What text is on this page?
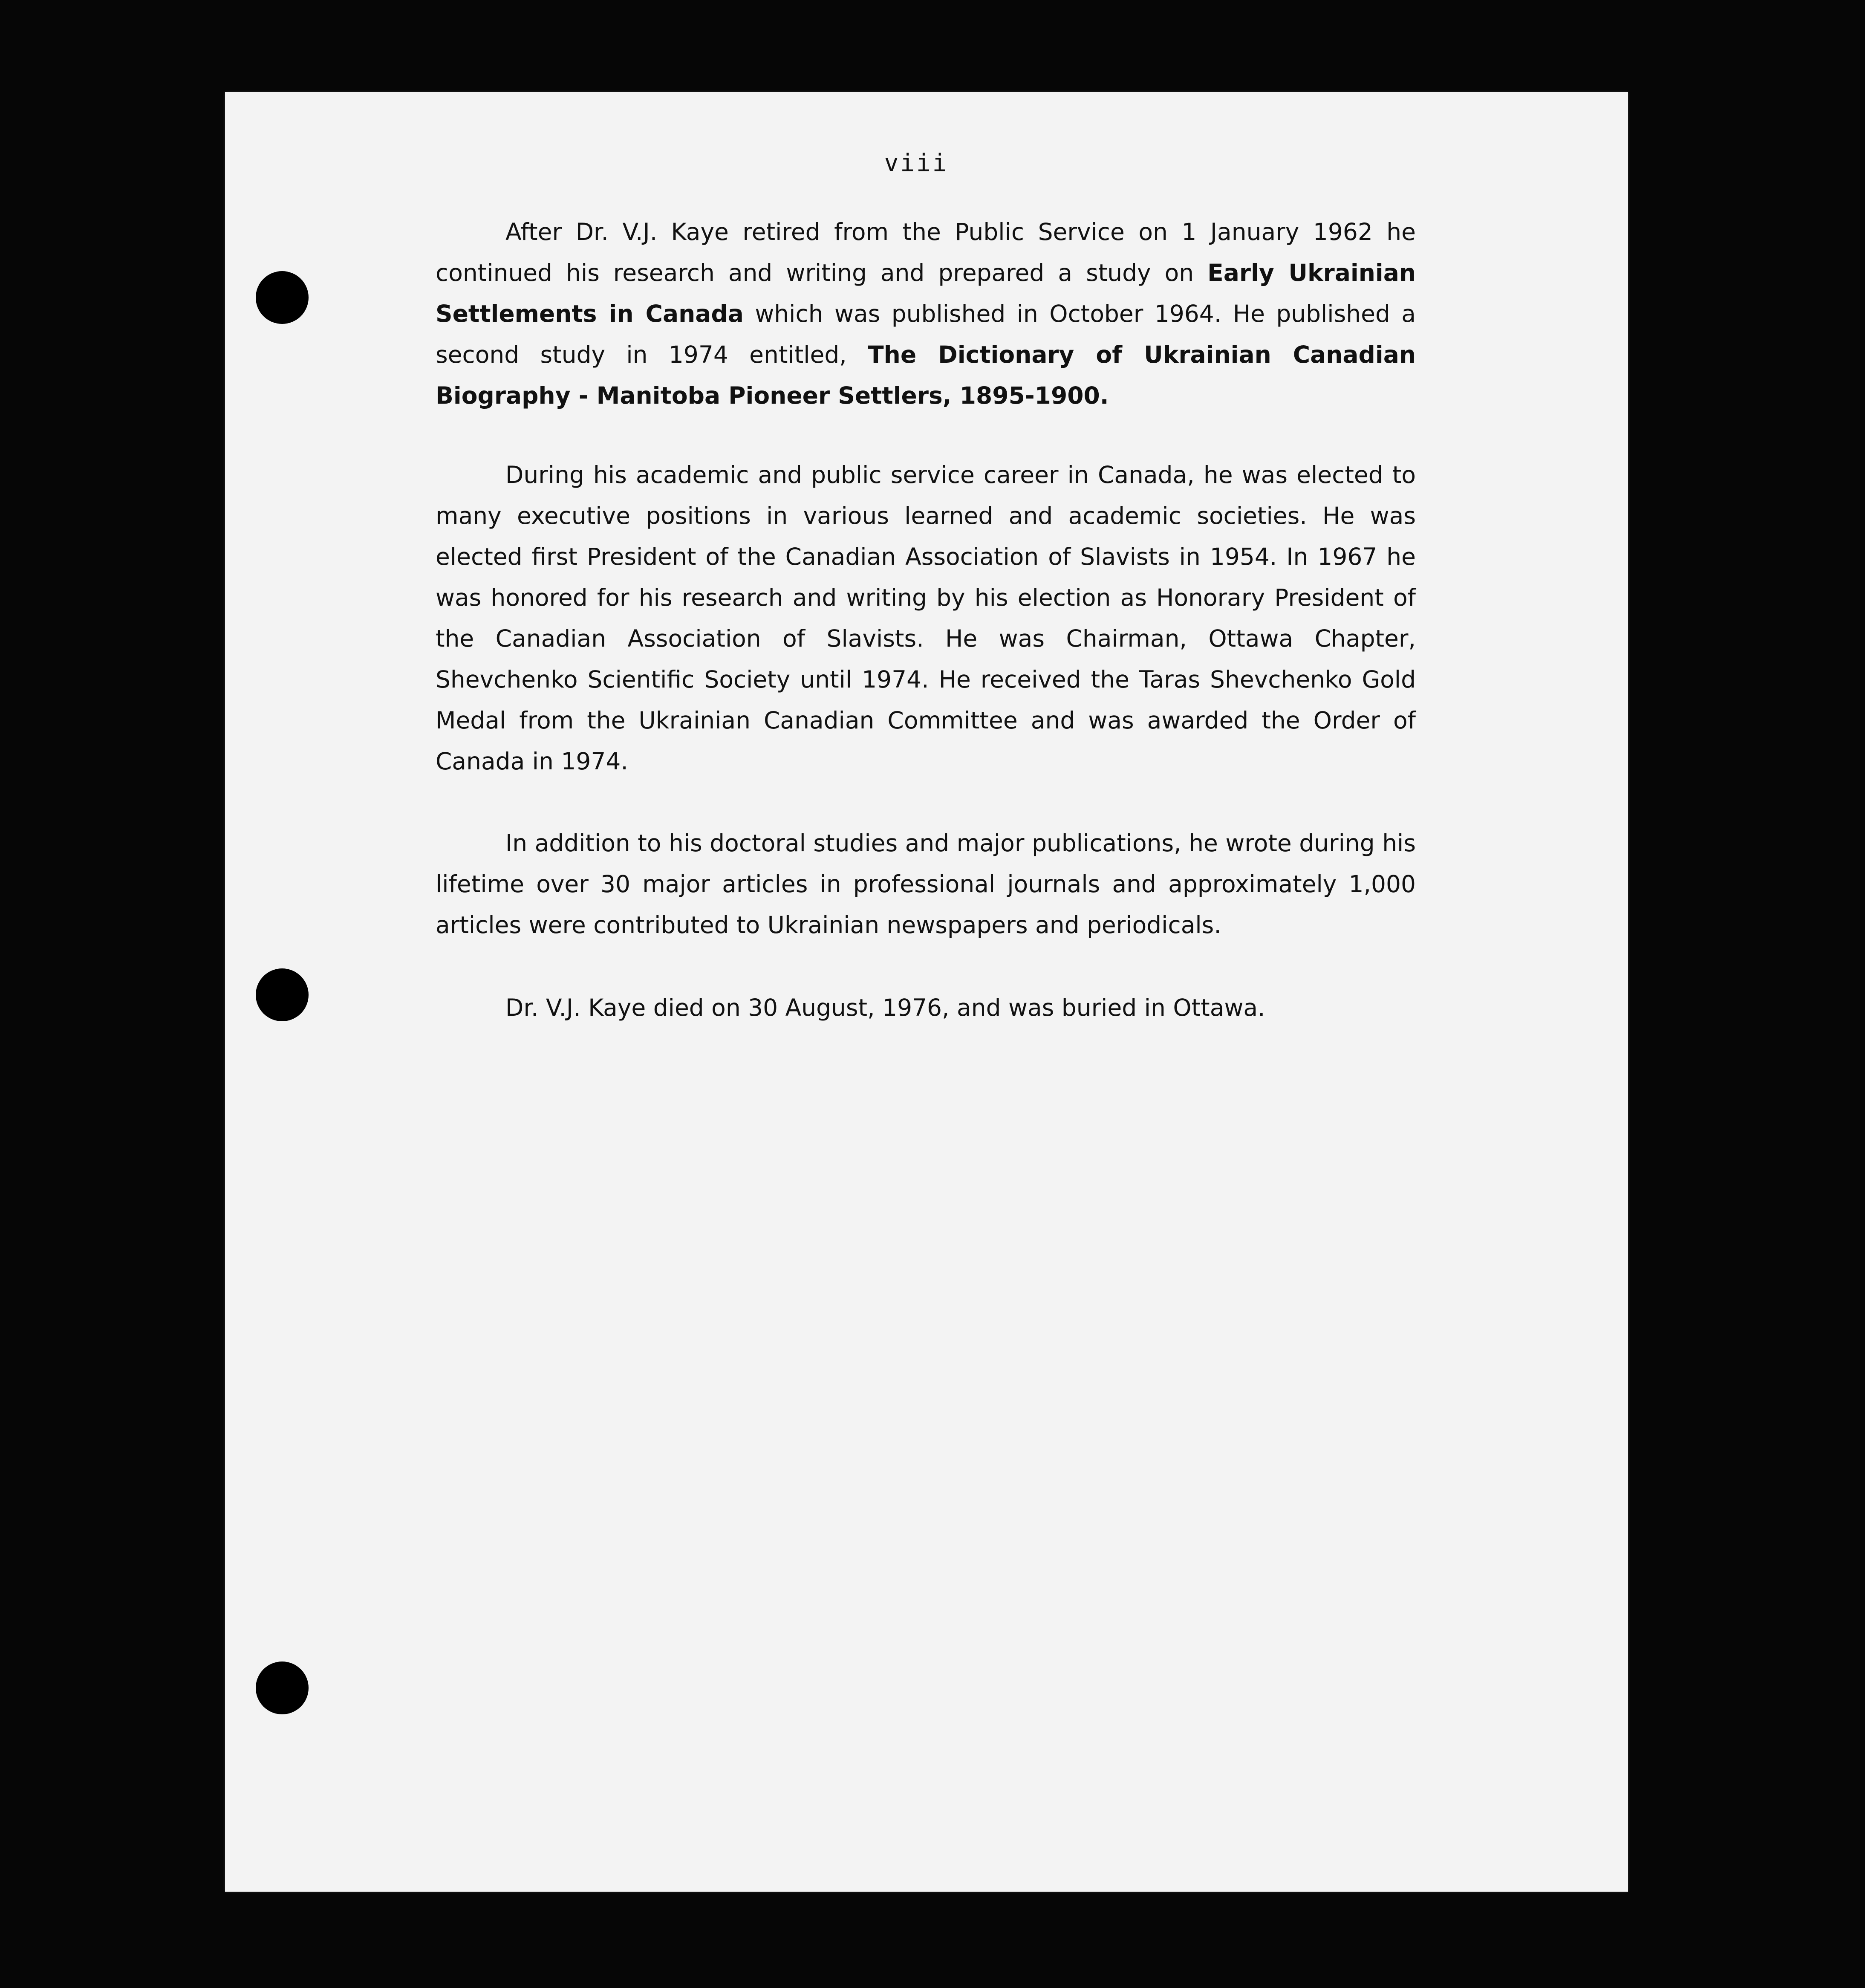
viii

After Dr. V.J. Kaye retired from the Public Service on 1 January 1962 he continued his research and writing and prepared a study on Early Ukrainian Settlements in Canada which was published in October 1964. He published a second study in 1974 entitled, The Dictionary of Ukrainian Canadian Biography - Manitoba Pioneer Settlers, 1895-1900.

During his academic and public service career in Canada, he was elected to many executive positions in various learned and academic societies. He was elected first President of the Canadian Association of Slavists in 1954. In 1967 he was honored for his research and writing by his election as Honorary President of the Canadian Association of Slavists. He was Chairman, Ottawa Chapter, Shevchenko Scientific Society until 1974. He received the Taras Shevchenko Gold Medal from the Ukrainian Canadian Committee and was awarded the Order of Canada in 1974.

In addition to his doctoral studies and major publications, he wrote during his lifetime over 30 major articles in professional journals and approximately 1,000 articles were contributed to Ukrainian newspapers and periodicals.

Dr. V.J. Kaye died on 30 August, 1976, and was buried in Ottawa.
